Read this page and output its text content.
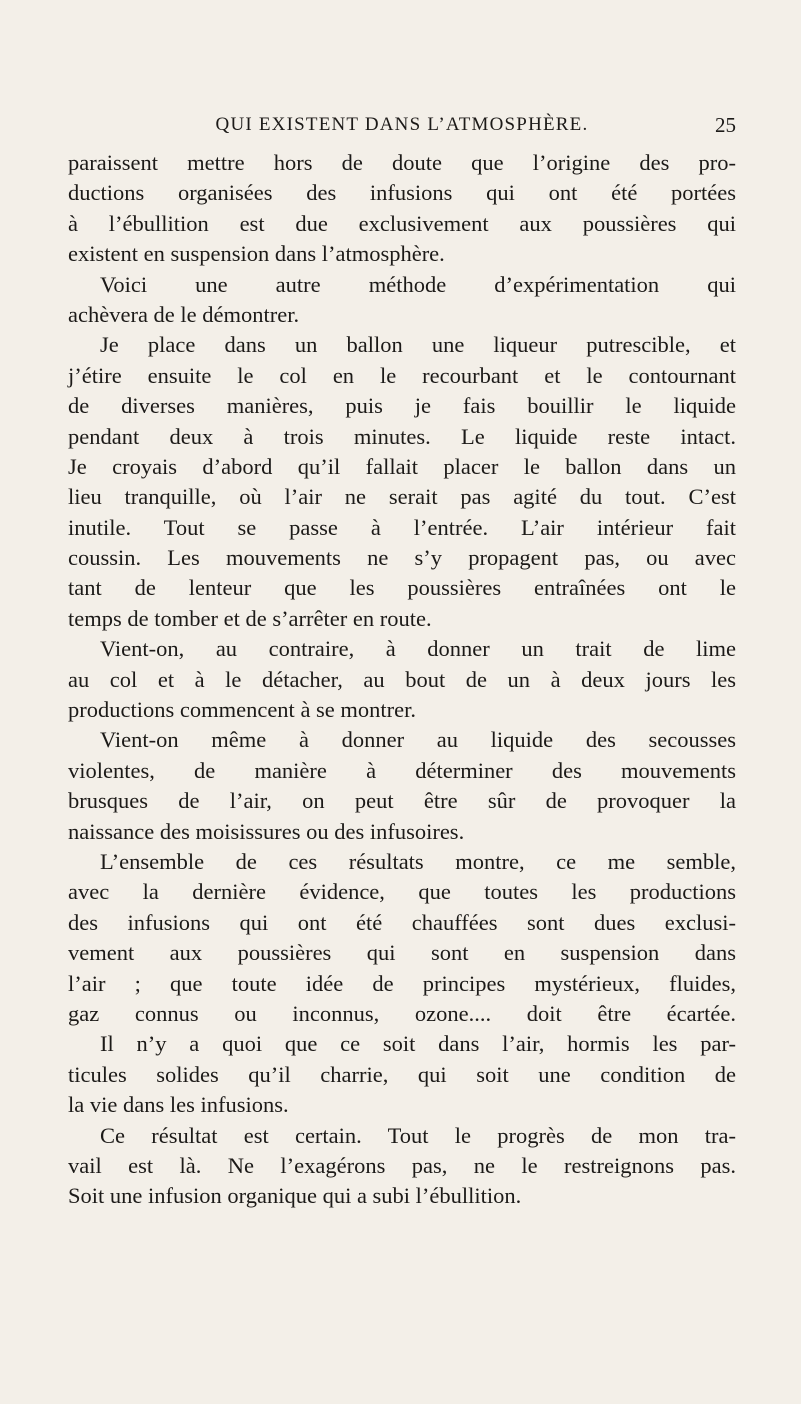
QUI EXISTENT DANS L’ATMOSPHÈRE.	25
paraissent mettre hors de doute que l’origine des pro-
ductions organisées des infusions qui ont été portées
à l’ébullition est due exclusivement aux poussières qui
existent en suspension dans l’atmosphère.
Voici une autre méthode d’expérimentation qui
achèvera de le démontrer.
Je place dans un ballon une liqueur putrescible, et
j’étire ensuite le col en le recourbant et le contournant
de diverses manières, puis je fais bouillir le liquide
pendant deux à trois minutes. Le liquide reste intact.
Je croyais d’abord qu’il fallait placer le ballon dans un
lieu tranquille, où l’air ne serait pas agité du tout. C’est
inutile. Tout se passe à l’entrée. L’air intérieur fait
coussin. Les mouvements ne s’y propagent pas, ou avec
tant de lenteur que les poussières entraînées ont le
temps de tomber et de s’arrêter en route.
Vient-on, au contraire, à donner un trait de lime
au col et à le détacher, au bout de un à deux jours les
productions commencent à se montrer.
Vient-on même à donner au liquide des secousses
violentes, de manière à déterminer des mouvements
brusques de l’air, on peut être sûr de provoquer la
naissance des moisissures ou des infusoires.
L’ensemble de ces résultats montre, ce me semble,
avec la dernière évidence, que toutes les productions
des infusions qui ont été chauffées sont dues exclusi-
vement aux poussières qui sont en suspension dans
l’air ; que toute idée de principes mystérieux, fluides,
gaz connus ou inconnus, ozone.... doit être écartée.
Il n’y a quoi que ce soit dans l’air, hormis les par-
ticules solides qu’il charrie, qui soit une condition de
la vie dans les infusions.
Ce résultat est certain. Tout le progrès de mon tra-
vail est là. Ne l’exagérons pas, ne le restreignons pas.
Soit une infusion organique qui a subi l’ébullition.
